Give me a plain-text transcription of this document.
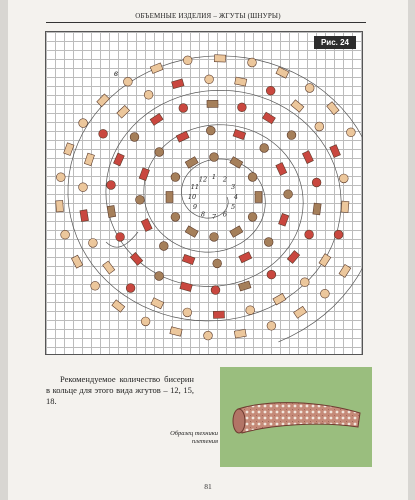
ОБЪЕМНЫЕ ИЗДЕЛИЯ – ЖГУТЫ (ШНУРЫ)
1 2
3
4
5
6
7
8
9
10
11
12
Рис. 24
в
Рекомендуемое количество бисерин в кольце для этого вида жгутов – 12, 15, 18.
Образец техники плетения
81
